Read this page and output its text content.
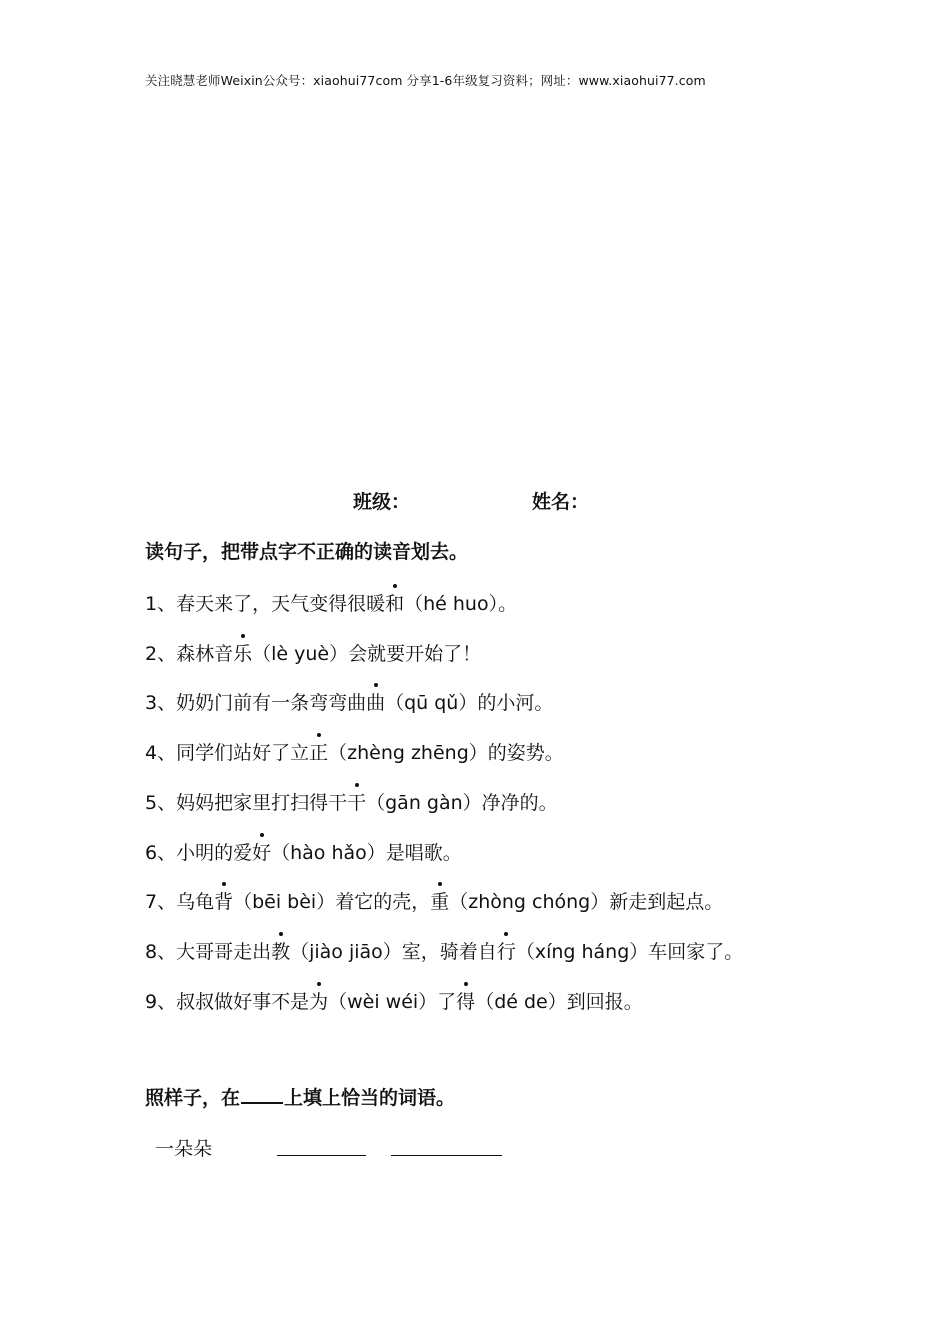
关注晓慧老师Weixin公众号：xiaohui77com 分享1-6年级复习资料；网址：www.xiaohui77.com
班级：	姓名：
读句子，把带点字不正确的读音划去。
1、春天来了，天气变得很暖和（hé huo）。
2、森林音乐（lè yuè）会就要开始了！
3、奶奶门前有一条弯弯曲曲（qū qǔ）的小河。
4、同学们站好了立正（zhèng zhēng）的姿势。
5、妈妈把家里打扫得干干（gān gàn）净净的。
6、小明的爱好（hào hǎo）是唱歌。
7、乌龟背（bēi bèi）着它的壳，重（zhòng chóng）新走到起点。
8、大哥哥走出教（jiào jiāo）室，骑着自行（xíng háng）车回家了。
9、叔叔做好事不是为（wèi wéi）了得（dé de）到回报。
照样子，在 上填上恰当的词语。
一朵朵
